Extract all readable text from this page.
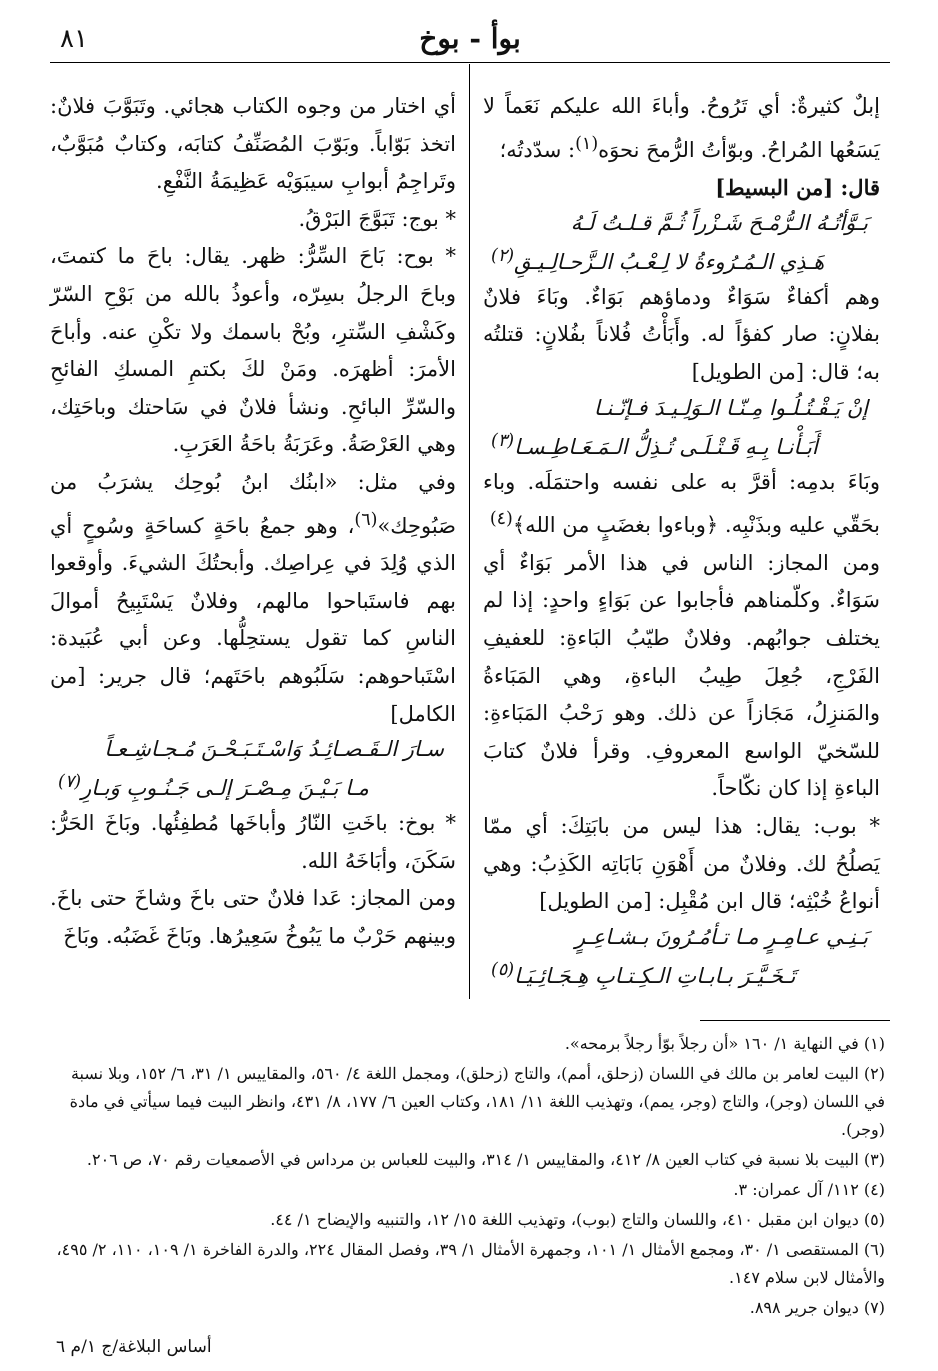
٨١	بوأ - بوخ

إبلٌ كثيرةٌ: أي تَرُوحُ. وأباءَ الله عليكم نَعَماً لا يَسَعُها المُراحُ. وبوّأتُ الرُّمحَ نحوَه$^{(١)}$: سدّدتُه؛

قال: [من البسيط]

بَـوَّأتُـهُ الـرُّمْـحَ شَـزْراً ثُـمَّ قـلـتُ لَـهُ
هَـذِي الـمُـرُوءةُ لا لِـعْـبُ الـزَّحـالِـيـقِ$^{(٢)}$

وهم أكفاءٌ سَوَاءٌ ودماؤهم بَوَاءٌ. وبَاءَ فلانٌ بفلانٍ: صار كفؤاً له. وأَبَأْتُ فُلاناً بفُلانٍ: قتلتُه به؛ قال: [من الطويل]

إنْ يَـقْـتُـلُـوا مِـنّـا الـوَلِـيـدَ فـإنّـنـا
أَبَـأْنـا بِـهِ قَـتْـلَـى تُـذِلُّ الـمَـعَـاطِـسـا$^{(٣)}$

وبَاءَ بدمِه: أقرَّ به على نفسه واحتمَلَه. وباء بحَقّي عليه وبذَنْبِه. ﴿وباءوا بغضَبٍ من الله﴾$^{(٤)}$

ومن المجاز: الناس في هذا الأمر بَوَاءٌ أي سَوَاءٌ. وكلّمناهم فأجابوا عن بَوَاءٍ واحدٍ: إذا لم يختلف جوابُهم. وفلانٌ طيّبُ البَاءةِ: للعفيفِ الفَرْجِ، جُعِلَ طِيبُ الباءةِ، وهي المَبَاءةُ والمَنزِلُ، مَجَازاً عن ذلك. وهو رَحْبُ المَبَاءةِ: للسّخيّ الواسع المعروفِ. وقرأ فلانٌ كتابَ الباءةِ إذا كان نكّاحاً.

* بوب: يقال: هذا ليس من بابَتِكَ: أي ممّا يَصلُحُ لك. وفلانٌ من أَهْوَنِ بَابَاتِه الكَذِبُ: وهي أنواعُ خُبْثِه؛ قال ابن مُقْبِل: [من الطويل]

بَـنِـي عـامِـرٍ مـا تـأمُـرُونَ بـشـاعِـرٍ
تَـخَـيَّـرَ بـابـاتِ الـكِـتـابِ هِـجَـائِـيَـا$^{(٥)}$

أي اختار من وجوه الكتاب هجائي. وتَبَوَّبَ فلانٌ: اتخذ بَوّاباً. وبَوّبَ المُصَنِّفُ كتابَه، وكتابٌ مُبَوَّبٌ، وتَراجِمُ أبوابِ سيبَوَيْه عَظِيمَةُ النَّفْعِ.

* بوج: تَبَوَّجَ البَرْقُ.

* بوح: بَاحَ السِّرُّ: ظهر. يقال: باحَ ما كتمتَ، وباحَ الرجلُ بسِرّه، وأعوذُ بالله من بَوْحِ السّرّ وكَشْفِ السِّترِ، وبُحْ باسمك ولا تكْنِ عنه. وأباحَ الأمرَ: أظهرَه. ومَنْ لكَ بكتمِ المسكِ الفائحِ والسّرِّ البائحِ. ونشأ فلانٌ في سَاحتك وباحَتِك، وهي العَرْصَةُ. وعَرَبَةُ باحَةُ العَرَبِ.

وفي مثل: «ابنُك ابنُ بُوحِك يشرَبُ من صَبُوحِك»$^{(٦)}$، وهو جمعُ باحَةٍ كساحَةٍ وسُوحٍ أي الذي وُلِدَ في عِراصِك. وأبحتُكَ الشيءَ. وأوقعوا بهم فاستَباحوا مالهم، وفلانٌ يَسْتَبِيحُ أموالَ الناسِ كما تقول يستحِلُّها. وعن أبي عُبَيدة: اسْتَباحوهم: سَلَبُوهم باحَتَهم؛ قال جرير: [من الكامل]

سـارَ الـقَـصـائِـدُ وَاسْـتَـبَـحْـنَ مُـجـاشِـعـاً
مـا بَـيْـنَ مِـصْـرَ إلـى جَـنُـوبِ وَبـارِ$^{(٧)}$

* بوخ: باخَتِ النّارُ وأباخَها مُطفِئُها. وبَاخَ الحَرُّ: سَكَنَ، وأبَاخَهُ الله.

ومن المجاز: عَدا فلانٌ حتى باخَ وشاخَ حتى باخَ. وبينهم حَرْبٌ ما يَبُوخُ سَعِيرُها. وبَاخَ غَضَبُه. وبَاخَ

(١) في النهاية ١/ ١٦٠ «أن رجلاً بوّأ رجلاً برمحه».

(٢) البيت لعامر بن مالك في اللسان (زحلق، أمم)، والتاج (زحلق)، ومجمل اللغة ٤/ ٥٦٠، والمقاييس ١/ ٣١، ٦/ ١٥٢، وبلا نسبة في اللسان (وجر)، والتاج (وجر، يمم)، وتهذيب اللغة ١١/ ١٨١، وكتاب العين ٦/ ١٧٧، ٨/ ٤٣١، وانظر البيت فيما سيأتي في مادة (وجر).

(٣) البيت بلا نسبة في كتاب العين ٨/ ٤١٢، والمقاييس ١/ ٣١٤، والبيت للعباس بن مرداس في الأصمعيات رقم ٧٠، ص ٢٠٦.

(٤) ١١٢/ آل عمران: ٣.

(٥) ديوان ابن مقبل ٤١٠، واللسان والتاج (بوب)، وتهذيب اللغة ١٥/ ١٢، والتنبيه والإيضاح ١/ ٤٤.

(٦) المستقصى ١/ ٣٠، ومجمع الأمثال ١/ ١٠١، وجمهرة الأمثال ١/ ٣٩، وفصل المقال ٢٢٤، والدرة الفاخرة ١/ ١٠٩، ١١٠، ٢/ ٤٩٥، والأمثال لابن سلام ١٤٧.

(٧) ديوان جرير ٨٩٨.

أساس البلاغة/ج ١/م ٦
